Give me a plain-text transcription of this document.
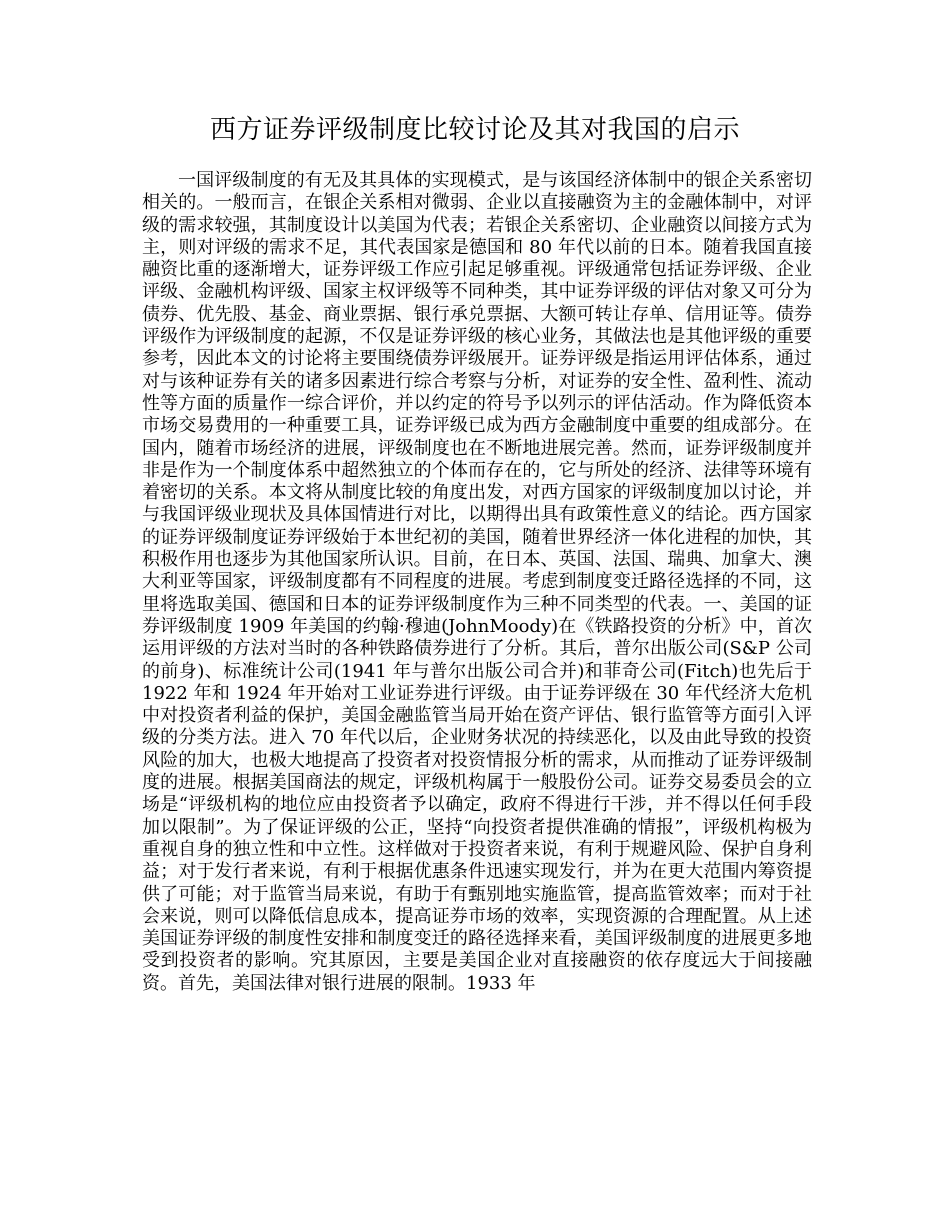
西方证券评级制度比较讨论及其对我国的启示

一国评级制度的有无及其具体的实现模式，是与该国经济体制中的银企关系密切相关的。一般而言，在银企关系相对微弱、企业以直接融资为主的金融体制中，对评级的需求较强，其制度设计以美国为代表；若银企关系密切、企业融资以间接方式为主，则对评级的需求不足，其代表国家是德国和 80 年代以前的日本。随着我国直接融资比重的逐渐增大，证券评级工作应引起足够重视。评级通常包括证券评级、企业评级、金融机构评级、国家主权评级等不同种类，其中证券评级的评估对象又可分为债券、优先股、基金、商业票据、银行承兑票据、大额可转让存单、信用证等。债券评级作为评级制度的起源，不仅是证券评级的核心业务，其做法也是其他评级的重要参考，因此本文的讨论将主要围绕债券评级展开。证券评级是指运用评估体系，通过对与该种证券有关的诸多因素进行综合考察与分析，对证券的安全性、盈利性、流动性等方面的质量作一综合评价，并以约定的符号予以列示的评估活动。作为降低资本市场交易费用的一种重要工具，证券评级已成为西方金融制度中重要的组成部分。在国内，随着市场经济的进展，评级制度也在不断地进展完善。然而，证券评级制度并非是作为一个制度体系中超然独立的个体而存在的，它与所处的经济、法律等环境有着密切的关系。本文将从制度比较的角度出发，对西方国家的评级制度加以讨论，并与我国评级业现状及具体国情进行对比，以期得出具有政策性意义的结论。西方国家的证券评级制度证券评级始于本世纪初的美国，随着世界经济一体化进程的加快，其积极作用也逐步为其他国家所认识。目前，在日本、英国、法国、瑞典、加拿大、澳大利亚等国家，评级制度都有不同程度的进展。考虑到制度变迁路径选择的不同，这里将选取美国、德国和日本的证券评级制度作为三种不同类型的代表。一、美国的证券评级制度 1909 年美国的约翰·穆迪(JohnMoody)在《铁路投资的分析》中，首次运用评级的方法对当时的各种铁路债券进行了分析。其后，普尔出版公司(S&P 公司的前身)、标准统计公司(1941 年与普尔出版公司合并)和菲奇公司(Fitch)也先后于 1922 年和 1924 年开始对工业证券进行评级。由于证券评级在 30 年代经济大危机中对投资者利益的保护，美国金融监管当局开始在资产评估、银行监管等方面引入评级的分类方法。进入 70 年代以后，企业财务状况的持续恶化，以及由此导致的投资风险的加大，也极大地提高了投资者对投资情报分析的需求，从而推动了证券评级制度的进展。根据美国商法的规定，评级机构属于一般股份公司。证券交易委员会的立场是“评级机构的地位应由投资者予以确定，政府不得进行干涉，并不得以任何手段加以限制”。为了保证评级的公正，坚持“向投资者提供准确的情报”，评级机构极为重视自身的独立性和中立性。这样做对于投资者来说，有利于规避风险、保护自身利益；对于发行者来说，有利于根据优惠条件迅速实现发行，并为在更大范围内筹资提供了可能；对于监管当局来说，有助于有甄别地实施监管，提高监管效率；而对于社会来说，则可以降低信息成本，提高证券市场的效率，实现资源的合理配置。从上述美国证券评级的制度性安排和制度变迁的路径选择来看，美国评级制度的进展更多地受到投资者的影响。究其原因，主要是美国企业对直接融资的依存度远大于间接融资。首先，美国法律对银行进展的限制。1933 年
